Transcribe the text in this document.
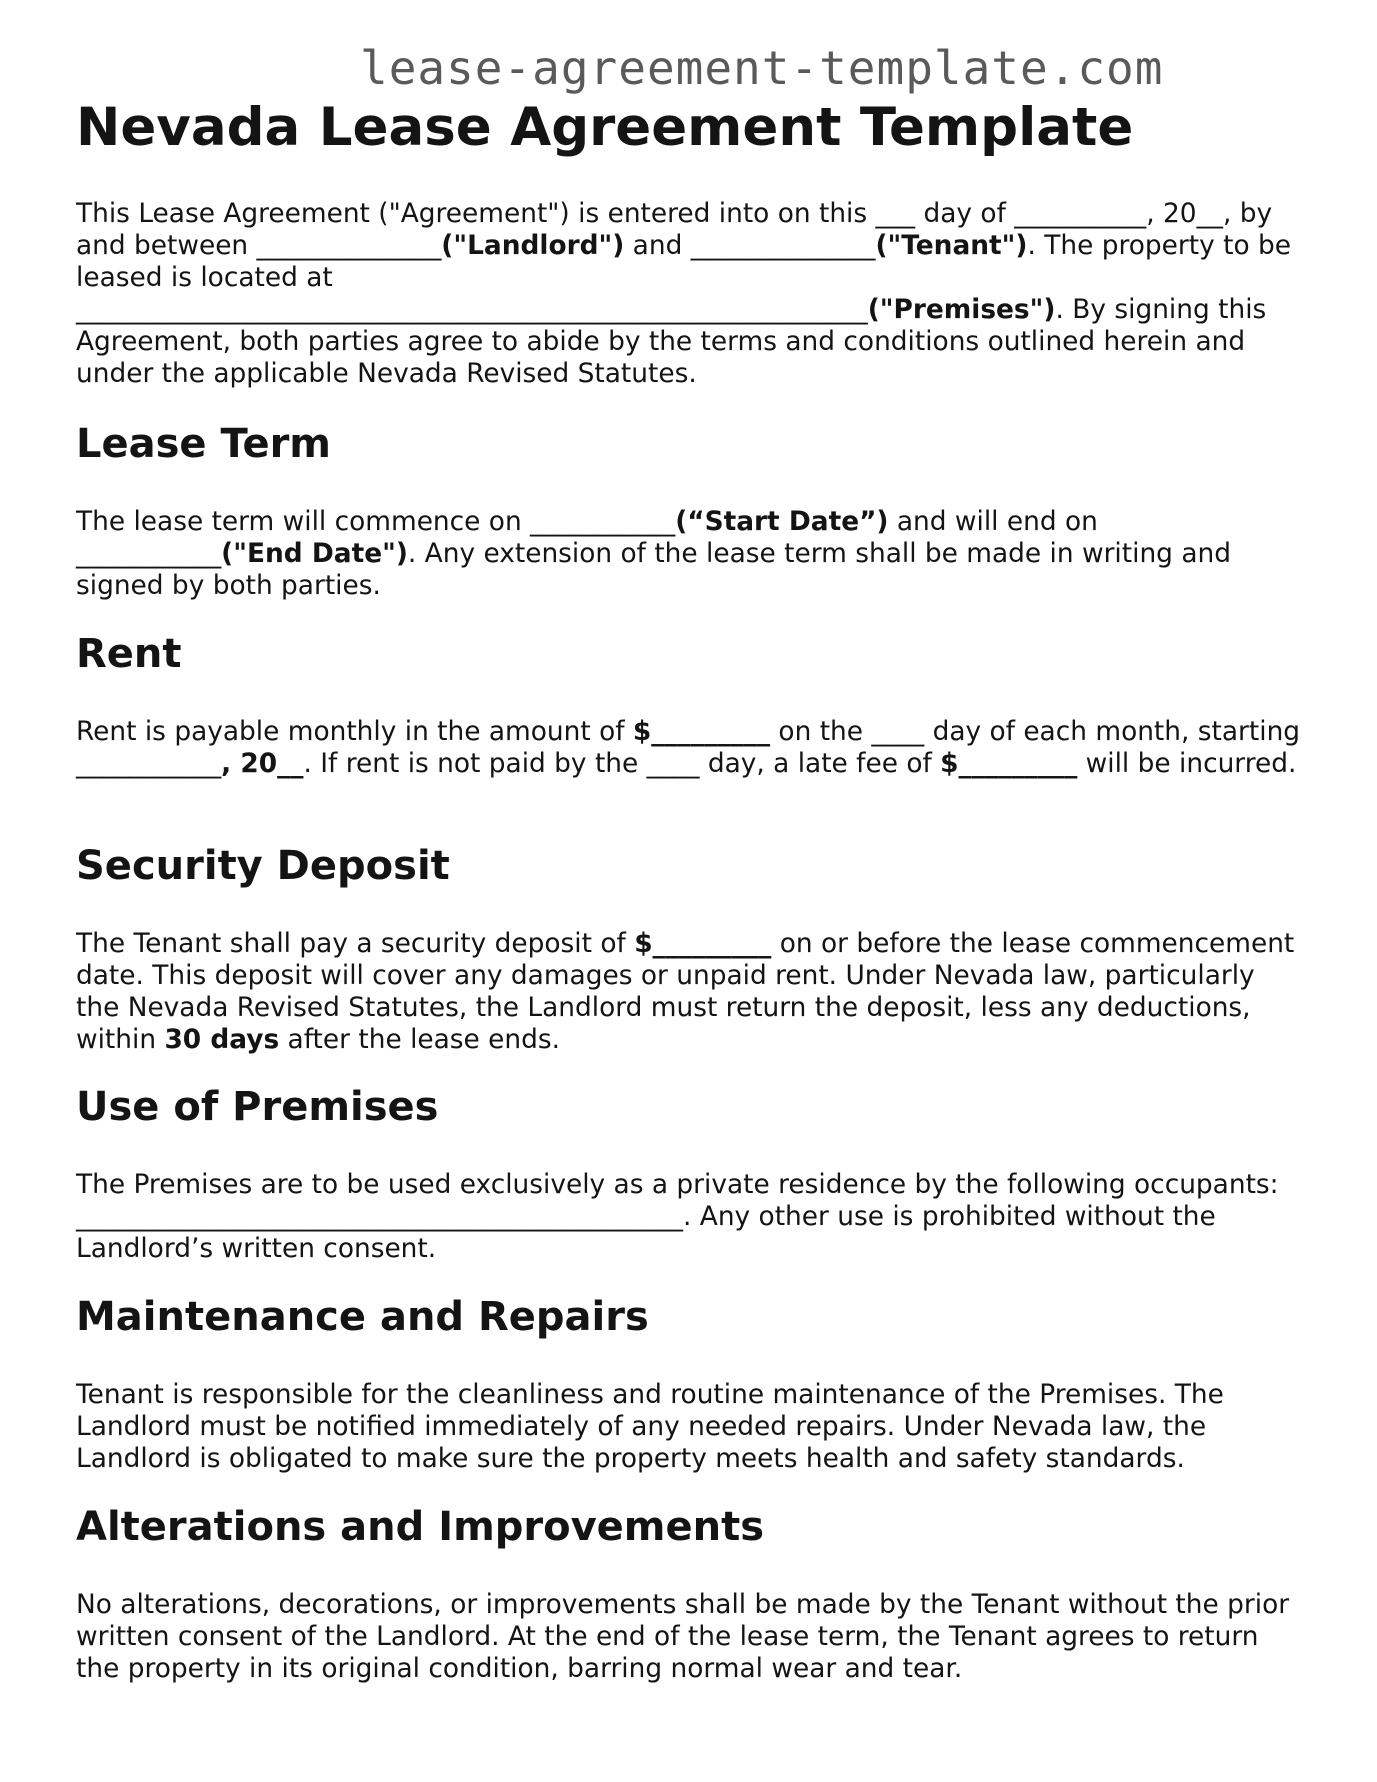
lease-agreement-template.com
Nevada Lease Agreement Template

This Lease Agreement ("Agreement") is entered into on this ___ day of __________, 20__, by and between ______________("Landlord") and ______________("Tenant"). The property to be leased is located at ____________________________________________________________("Premises"). By signing this Agreement, both parties agree to abide by the terms and conditions outlined herein and under the applicable Nevada Revised Statutes.

Lease Term

The lease term will commence on ___________(“Start Date”) and will end on ___________("End Date"). Any extension of the lease term shall be made in writing and signed by both parties.

Rent

Rent is payable monthly in the amount of $_________ on the ____ day of each month, starting ___________, 20__. If rent is not paid by the ____ day, a late fee of $_________ will be incurred.

Security Deposit

The Tenant shall pay a security deposit of $_________ on or before the lease commencement date. This deposit will cover any damages or unpaid rent. Under Nevada law, particularly the Nevada Revised Statutes, the Landlord must return the deposit, less any deductions, within 30 days after the lease ends.

Use of Premises

The Premises are to be used exclusively as a private residence by the following occupants: ______________________________________________. Any other use is prohibited without the Landlord’s written consent.

Maintenance and Repairs

Tenant is responsible for the cleanliness and routine maintenance of the Premises. The Landlord must be notified immediately of any needed repairs. Under Nevada law, the Landlord is obligated to make sure the property meets health and safety standards.

Alterations and Improvements

No alterations, decorations, or improvements shall be made by the Tenant without the prior written consent of the Landlord. At the end of the lease term, the Tenant agrees to return the property in its original condition, barring normal wear and tear.
